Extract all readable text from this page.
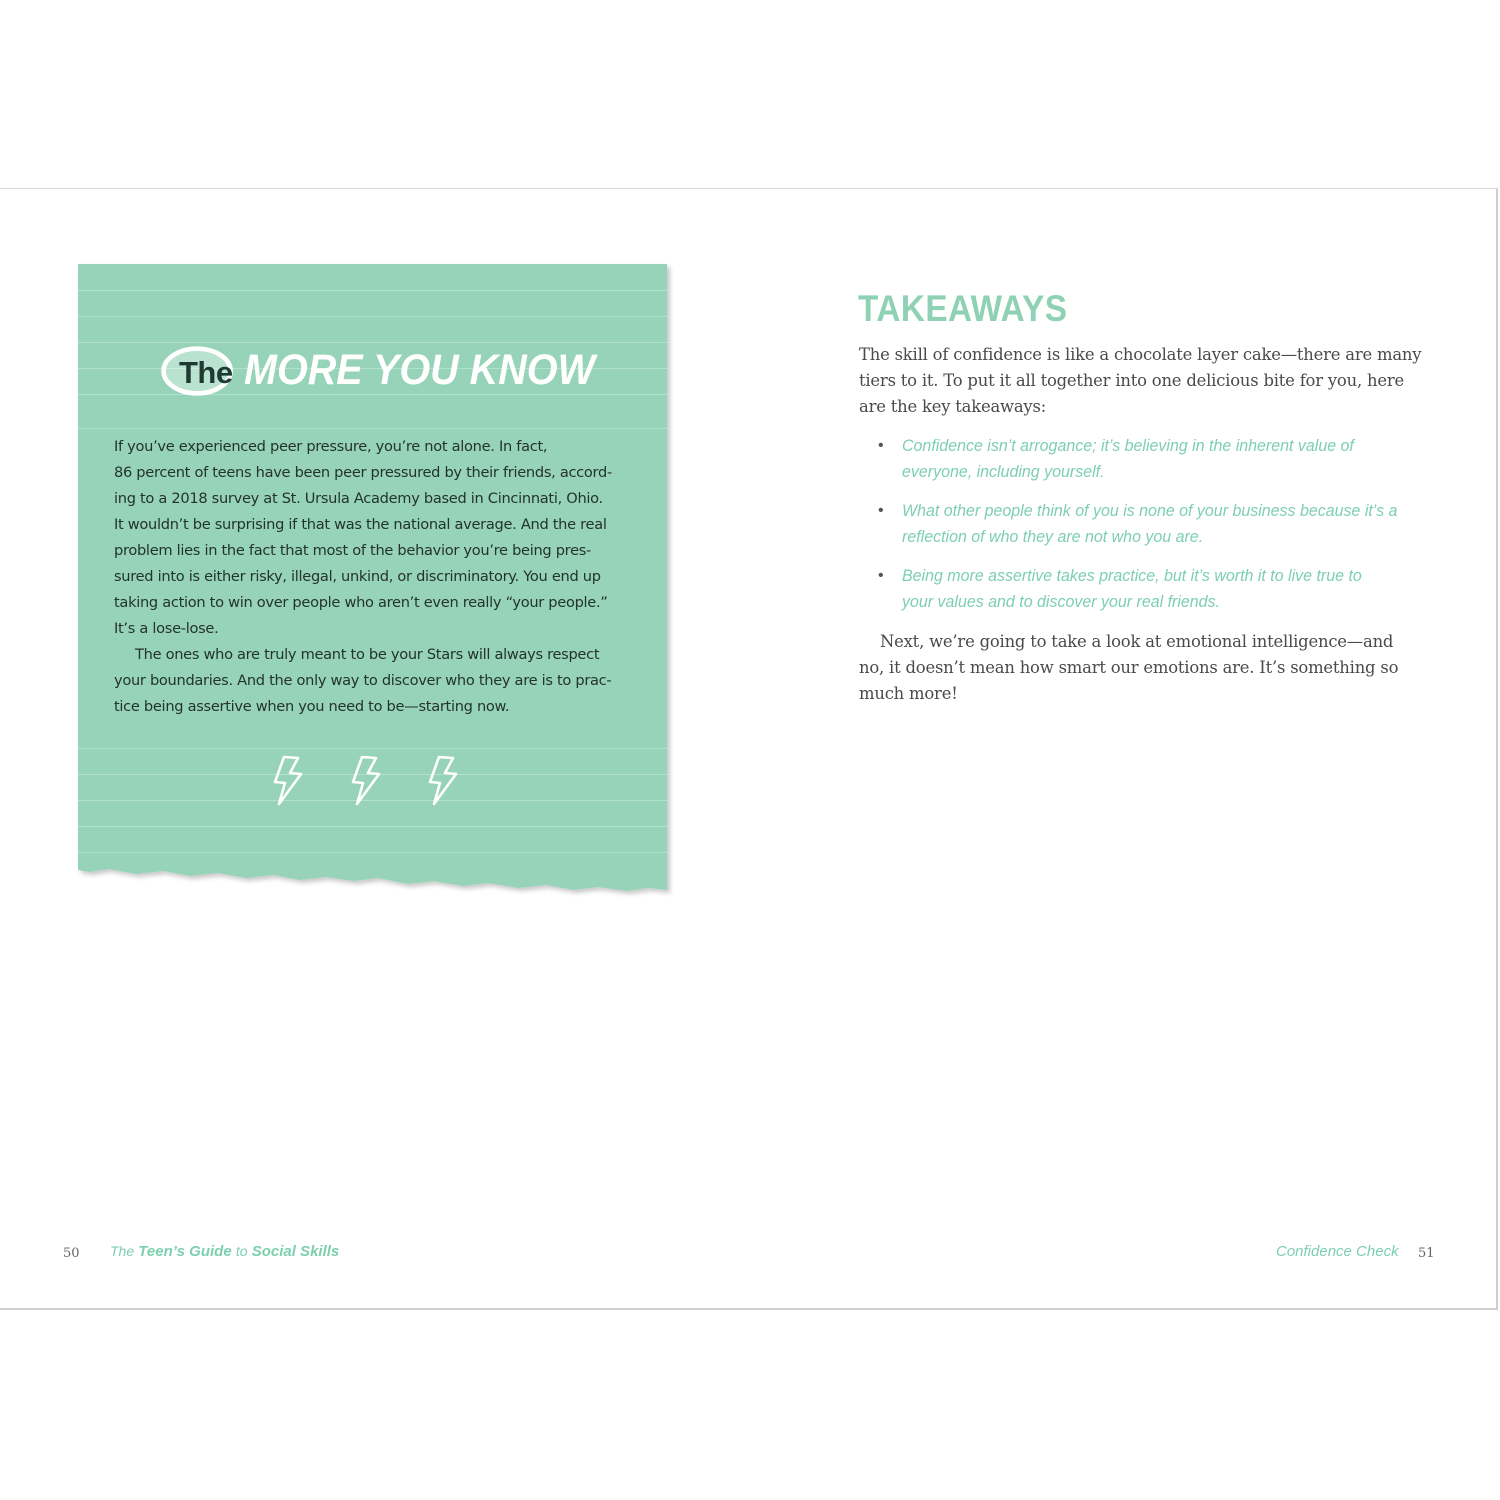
The MORE YOU KNOW

If you’ve experienced peer pressure, you’re not alone. In fact,
86 percent of teens have been peer pressured by their friends, accord-
ing to a 2018 survey at St. Ursula Academy based in Cincinnati, Ohio.
It wouldn’t be surprising if that was the national average. And the real
problem lies in the fact that most of the behavior you’re being pres-
sured into is either risky, illegal, unkind, or discriminatory. You end up
taking action to win over people who aren’t even really “your people.”
It’s a lose-lose.

The ones who are truly meant to be your Stars will always respect
your boundaries. And the only way to discover who they are is to prac-
tice being assertive when you need to be—starting now.

TAKEAWAYS
The skill of confidence is like a chocolate layer cake—there are many
tiers to it. To put it all together into one delicious bite for you, here
are the key takeaways:
• Confidence isn’t arrogance; it’s believing in the inherent value of
everyone, including yourself.
• What other people think of you is none of your business because it’s a
reflection of who they are not who you are.
• Being more assertive takes practice, but it’s worth it to live true to
your values and to discover your real friends.
Next, we’re going to take a look at emotional intelligence—and
no, it doesn’t mean how smart our emotions are. It’s something so
much more!
50 The Teen’s Guide to Social Skills	Confidence Check 51
